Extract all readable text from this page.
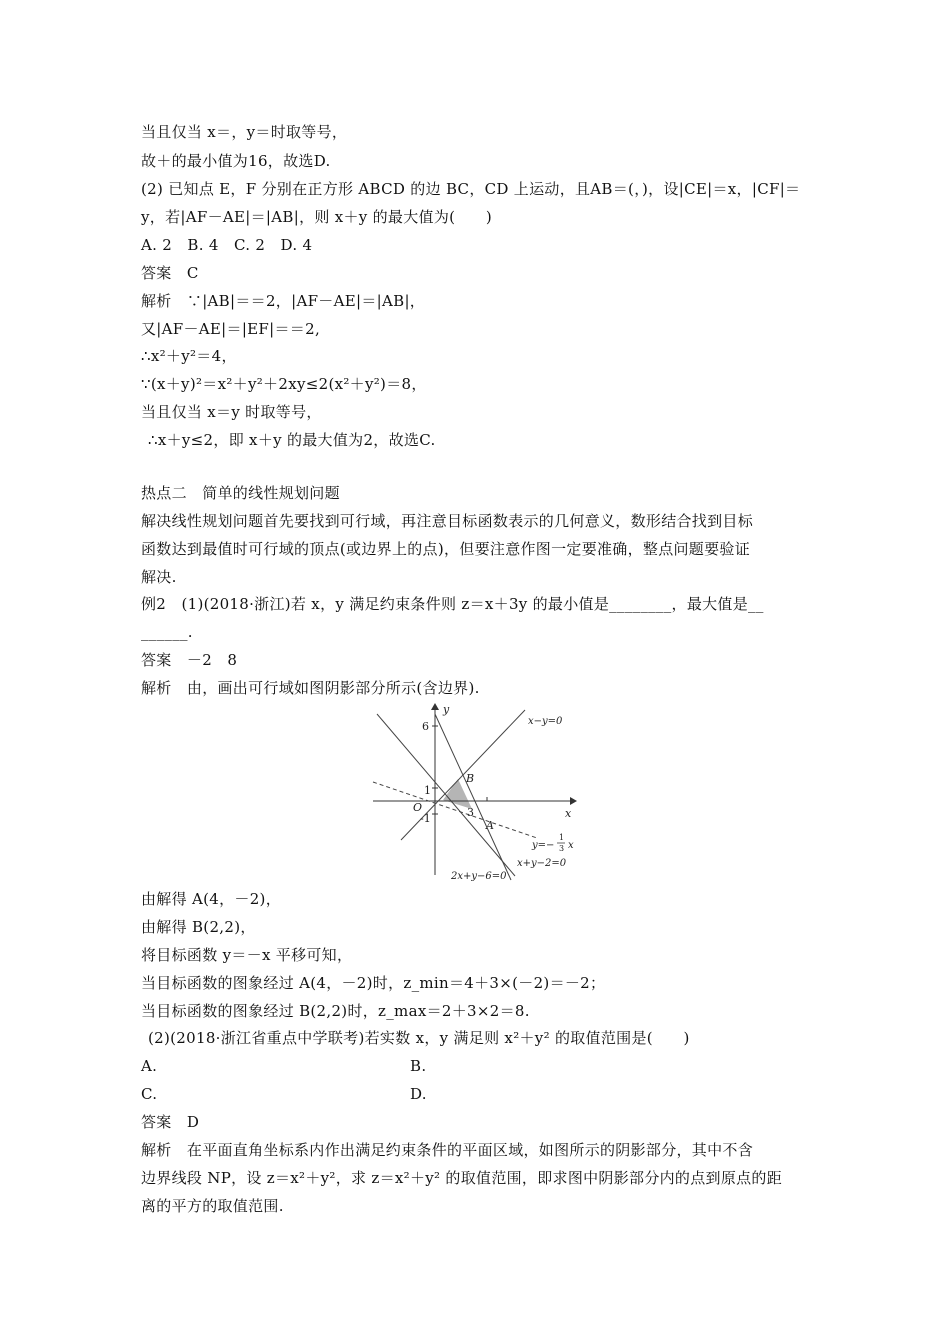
当且仅当 x＝，y＝时取等号，
故＋的最小值为16，故选D.
(2) 已知点 E，F 分别在正方形 ABCD 的边 BC，CD 上运动，且AB＝(，)，设|CE|＝x，|CF|＝
y，若|AF－AE|＝|AB|，则 x＋y 的最大值为(　　)
A. 2　B. 4　C. 2　D. 4
答案　C
解析　∵|AB|＝＝2，|AF－AE|＝|AB|，
又|AF－AE|＝|EF|＝＝2,
∴x²＋y²＝4，
∵(x＋y)²＝x²＋y²＋2xy≤2(x²＋y²)＝8，
当且仅当 x＝y 时取等号，
∴x＋y≤2，即 x＋y 的最大值为2，故选C.
热点二　简单的线性规划问题
解决线性规划问题首先要找到可行域，再注意目标函数表示的几何意义，数形结合找到目标
函数达到最值时可行域的顶点(或边界上的点)，但要注意作图一定要准确，整点问题要验证
解决.
例2　(1)(2018·浙江)若 x，y 满足约束条件则 z＝x＋3y 的最小值是________，最大值是__
______.
答案　－2　8
解析　由，画出可行域如图阴影部分所示(含边界).
y
x
6
1
O
-1	3
B
A
x−y=0
y=−
1
3 x
x+y−2=0
2x+y−6=0
由解得 A(4，－2)，
由解得 B(2,2)，
将目标函数 y＝－x 平移可知，
当目标函数的图象经过 A(4，－2)时，z_min＝4＋3×(－2)＝－2；
当目标函数的图象经过 B(2,2)时，z_max＝2＋3×2＝8.
(2)(2018·浙江省重点中学联考)若实数 x，y 满足则 x²＋y² 的取值范围是(　　)
A.	B.
C.	D.
答案　D
解析　在平面直角坐标系内作出满足约束条件的平面区域，如图所示的阴影部分，其中不含
边界线段 NP，设 z＝x²＋y²，求 z＝x²＋y² 的取值范围，即求图中阴影部分内的点到原点的距
离的平方的取值范围.
